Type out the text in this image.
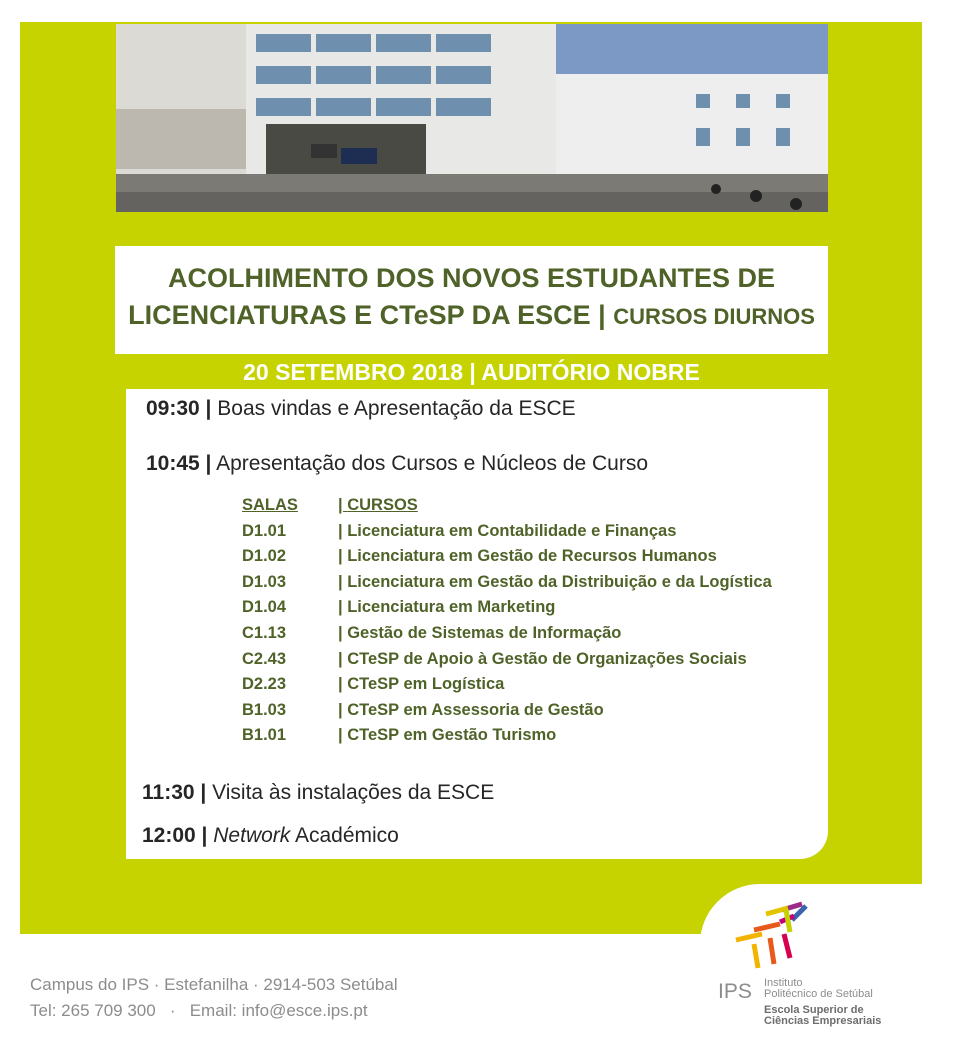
ACOLHIMENTO DOS NOVOS ESTUDANTES DE
LICENCIATURAS E CTeSP DA ESCE | CURSOS DIURNOS
20 SETEMBRO 2018 | AUDITÓRIO NOBRE
09:30 | Boas vindas e Apresentação da ESCE
10:45 | Apresentação dos Cursos e Núcleos de Curso
SALAS | CURSOS
D1.01	| Licenciatura em Contabilidade e Finanças
D1.02	| Licenciatura em Gestão de Recursos Humanos
D1.03	| Licenciatura em Gestão da Distribuição e da Logística
D1.04	| Licenciatura em Marketing
C1.13	| Gestão de Sistemas de Informação
C2.43	| CTeSP de Apoio à Gestão de Organizações Sociais
D2.23	| CTeSP em Logística
B1.03	| CTeSP em Assessoria de Gestão
B1.01	| CTeSP em Gestão Turismo
11:30 | Visita às instalações da ESCE
12:00 | Network Académico
Campus do IPS · Estefanilha · 2914-503 Setúbal
Tel: 265 709 300   ·   Email: info@esce.ips.pt
IPS Instituto
Politécnico de Setúbal
Escola Superior de
Ciências Empresariais
